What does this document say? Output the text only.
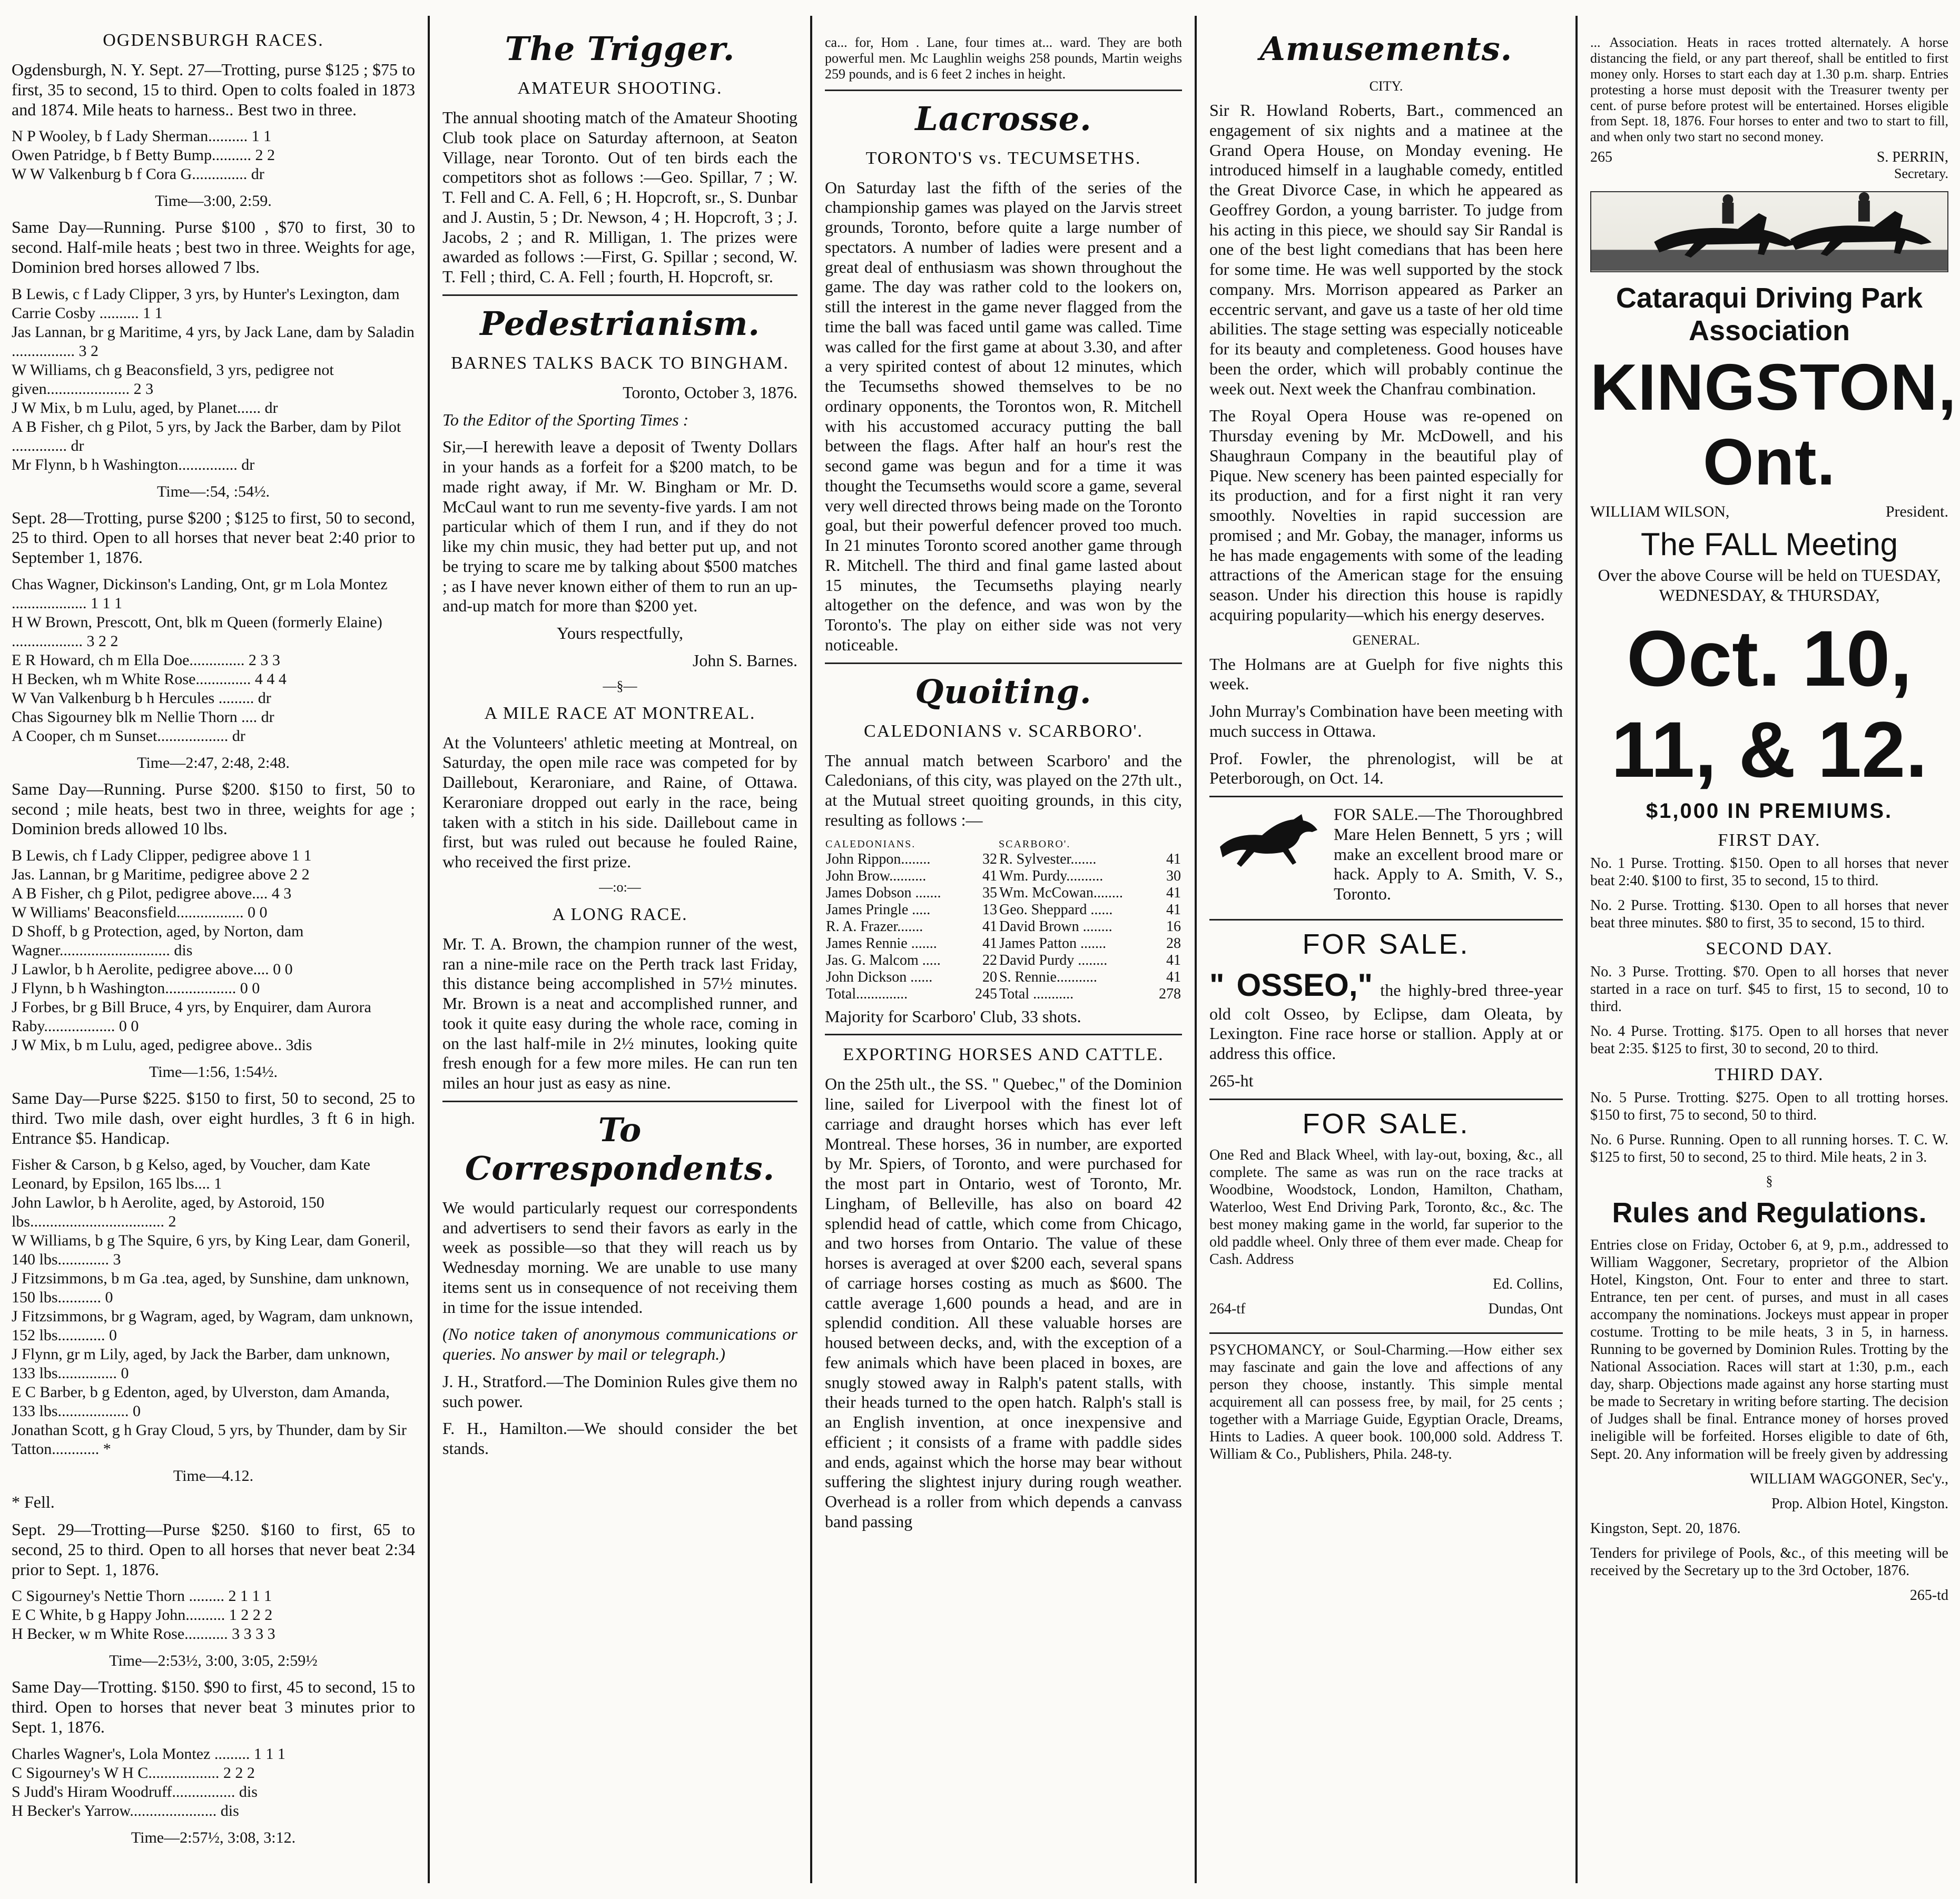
OGDENSBURGH RACES.

Ogdensburgh, N. Y. Sept. 27—Trotting, purse $125 ; $75 to first, 35 to second, 15 to third. Open to colts foaled in 1873 and 1874. Mile heats to harness.. Best two in three.

N P Wooley, b f Lady Sherman.......... 1 1
Owen Patridge, b f Betty Bump.......... 2 2
W W Valkenburg b f Cora G.............. dr
Time—3:00, 2:59.

Same Day—Running. Purse $100 , $70 to first, 30 to second. Half-mile heats ; best two in three. Weights for age, Dominion bred horses allowed 7 lbs.

B Lewis, c f Lady Clipper, 3 yrs, by Hunter's Lexington, dam Carrie Cosby .......... 1 1
Jas Lannan, br g Maritime, 4 yrs, by Jack Lane, dam by Saladin ................ 3 2
W Williams, ch g Beaconsfield, 3 yrs, pedigree not given..................... 2 3
J W Mix, b m Lulu, aged, by Planet...... dr
A B Fisher, ch g Pilot, 5 yrs, by Jack the Barber, dam by Pilot .............. dr
Mr Flynn, b h Washington............... dr
Time—:54, :54½.

Sept. 28—Trotting, purse $200 ; $125 to first, 50 to second, 25 to third. Open to all horses that never beat 2:40 prior to September 1, 1876.

Chas Wagner, Dickinson's Landing, Ont, gr m Lola Montez ................... 1 1 1
H W Brown, Prescott, Ont, blk m Queen (formerly Elaine) .................. 3 2 2
E R Howard, ch m Ella Doe.............. 2 3 3
H Becken, wh m White Rose.............. 4 4 4
W Van Valkenburg b h Hercules ......... dr
Chas Sigourney blk m Nellie Thorn .... dr
A Cooper, ch m Sunset.................. dr
Time—2:47, 2:48, 2:48.

Same Day—Running. Purse $200. $150 to first, 50 to second ; mile heats, best two in three, weights for age ; Dominion breds allowed 10 lbs.

B Lewis, ch f Lady Clipper, pedigree above 1 1
Jas. Lannan, br g Maritime, pedigree above 2 2
A B Fisher, ch g Pilot, pedigree above.... 4 3
W Williams' Beaconsfield................. 0 0
D Shoff, b g Protection, aged, by Norton, dam Wagner............................ dis
J Lawlor, b h Aerolite, pedigree above.... 0 0
J Flynn, b h Washington.................. 0 0
J Forbes, br g Bill Bruce, 4 yrs, by Enquirer, dam Aurora Raby.................. 0 0
J W Mix, b m Lulu, aged, pedigree above.. 3dis
Time—1:56, 1:54½.

Same Day—Purse $225. $150 to first, 50 to second, 25 to third. Two mile dash, over eight hurdles, 3 ft 6 in high. Entrance $5. Handicap.

Fisher & Carson, b g Kelso, aged, by Voucher, dam Kate Leonard, by Epsilon, 165 lbs.... 1
John Lawlor, b h Aerolite, aged, by Astoroid, 150 lbs.................................. 2
W Williams, b g The Squire, 6 yrs, by King Lear, dam Goneril, 140 lbs............. 3
J Fitzsimmons, b m Ga .tea, aged, by Sunshine, dam unknown, 150 lbs........... 0
J Fitzsimmons, br g Wagram, aged, by Wagram, dam unknown, 152 lbs............ 0
J Flynn, gr m Lily, aged, by Jack the Barber, dam unknown, 133 lbs............... 0
E C Barber, b g Edenton, aged, by Ulverston, dam Amanda, 133 lbs.................. 0
Jonathan Scott, g h Gray Cloud, 5 yrs, by Thunder, dam by Sir Tatton............ *
Time—4.12.

* Fell.

Sept. 29—Trotting—Purse $250. $160 to first, 65 to second, 25 to third. Open to all horses that never beat 2:34 prior to Sept. 1, 1876.

C Sigourney's Nettie Thorn ......... 2 1 1 1
E C White, b g Happy John.......... 1 2 2 2
H Becker, w m White Rose........... 3 3 3 3
Time—2:53½, 3:00, 3:05, 2:59½

Same Day—Trotting. $150. $90 to first, 45 to second, 15 to third. Open to horses that never beat 3 minutes prior to Sept. 1, 1876.

Charles Wagner's, Lola Montez ......... 1 1 1
C Sigourney's W H C.................. 2 2 2
S Judd's Hiram Woodruff................ dis
H Becker's Yarrow...................... dis
Time—2:57½, 3:08, 3:12.
The Trigger.
AMATEUR SHOOTING.

The annual shooting match of the Amateur Shooting Club took place on Saturday afternoon, at Seaton Village, near Toronto. Out of ten birds each the competitors shot as follows :—Geo. Spillar, 7 ; W. T. Fell and C. A. Fell, 6 ; H. Hopcroft, sr., S. Dunbar and J. Austin, 5 ; Dr. Newson, 4 ; H. Hopcroft, 3 ; J. Jacobs, 2 ; and R. Milligan, 1. The prizes were awarded as follows :—First, G. Spillar ; second, W. T. Fell ; third, C. A. Fell ; fourth, H. Hopcroft, sr.

Pedestrianism.
BARNES TALKS BACK TO BINGHAM.

Toronto, October 3, 1876.

To the Editor of the Sporting Times :

Sir,—I herewith leave a deposit of Twenty Dollars in your hands as a forfeit for a $200 match, to be made right away, if Mr. W. Bingham or Mr. D. McCaul want to run me seventy-five yards. I am not particular which of them I run, and if they do not like my chin music, they had better put up, and not be trying to scare me by talking about $500 matches ; as I have never known either of them to run an up-and-up match for more than $200 yet.

Yours respectfully,

John S. Barnes.

—§—
A MILE RACE AT MONTREAL.

At the Volunteers' athletic meeting at Montreal, on Saturday, the open mile race was competed for by Daillebout, Keraroniare, and Raine, of Ottawa. Keraroniare dropped out early in the race, being taken with a stitch in his side. Daillebout came in first, but was ruled out because he fouled Raine, who received the first prize.

—:o:—
A LONG RACE.

Mr. T. A. Brown, the champion runner of the west, ran a nine-mile race on the Perth track last Friday, this distance being accomplished in 57½ minutes. Mr. Brown is a neat and accomplished runner, and took it quite easy during the whole race, coming in on the last half-mile in 2½ minutes, looking quite fresh enough for a few more miles. He can run ten miles an hour just as easy as nine.

To Correspondents.

We would particularly request our correspondents and advertisers to send their favors as early in the week as possible—so that they will reach us by Wednesday morning. We are unable to use many items sent us in consequence of not receiving them in time for the issue intended.

(No notice taken of anonymous communications or queries. No answer by mail or telegraph.)

J. H., Stratford.—The Dominion Rules give them no such power.

F. H., Hamilton.—We should consider the bet stands.

ca... for, Hom . Lane, four times at... ward. They are both powerful men. Mc Laughlin weighs 258 pounds, Martin weighs 259 pounds, and is 6 feet 2 inches in height.

Lacrosse.
TORONTO'S vs. TECUMSETHS.

On Saturday last the fifth of the series of the championship games was played on the Jarvis street grounds, Toronto, before quite a large number of spectators. A number of ladies were present and a great deal of enthusiasm was shown throughout the game. The day was rather cold to the lookers on, still the interest in the game never flagged from the time the ball was faced until game was called. Time was called for the first game at about 3.30, and after a very spirited contest of about 12 minutes, which the Tecumseths showed themselves to be no ordinary opponents, the Torontos won, R. Mitchell with his accustomed accuracy putting the ball between the flags. After half an hour's rest the second game was begun and for a time it was thought the Tecumseths would score a game, several very well directed throws being made on the Toronto goal, but their powerful defencer proved too much. In 21 minutes Toronto scored another game through R. Mitchell. The third and final game lasted about 15 minutes, the Tecumseths playing nearly altogether on the defence, and was won by the Toronto's. The play on either side was not very noticeable.

Quoiting.
CALEDONIANS v. SCARBORO'.

The annual match between Scarboro' and the Caledonians, of this city, was played on the 27th ult., at the Mutual street quoiting grounds, in this city, resulting as follows :—

CALEDONIANS.		SCARBORO'.	
John Rippon........	32	R. Sylvester.......	41
John Brow..........	41	Wm. Purdy..........	30
James Dobson .......	35	Wm. McCowan........	41
James Pringle .....	13	Geo. Sheppard ......	41
R. A. Frazer.......	41	David Brown ........	16
James Rennie .......	41	James Patton .......	28
Jas. G. Malcom .....	22	David Purdy ........	41
John Dickson ......	20	S. Rennie...........	41
Total..............	245	Total ...........	278

Majority for Scarboro' Club, 33 shots.

EXPORTING HORSES AND CATTLE.

On the 25th ult., the SS. " Quebec," of the Dominion line, sailed for Liverpool with the finest lot of carriage and draught horses which has ever left Montreal. These horses, 36 in number, are exported by Mr. Spiers, of Toronto, and were purchased for the most part in Ontario, west of Toronto, Mr. Lingham, of Belleville, has also on board 42 splendid head of cattle, which come from Chicago, and two horses from Ontario. The value of these horses is averaged at over $200 each, several spans of carriage horses costing as much as $600. The cattle average 1,600 pounds a head, and are in splendid condition. All these valuable horses are housed between decks, and, with the exception of a few animals which have been placed in boxes, are snugly stowed away in Ralph's patent stalls, with their heads turned to the open hatch. Ralph's stall is an English invention, at once inexpensive and efficient ; it consists of a frame with paddle sides and ends, against which the horse may bear without suffering the slightest injury during rough weather. Overhead is a roller from which depends a canvass band passing

Amusements.
CITY.

Sir R. Howland Roberts, Bart., commenced an engagement of six nights and a matinee at the Grand Opera House, on Monday evening. He introduced himself in a laughable comedy, entitled the Great Divorce Case, in which he appeared as Geoffrey Gordon, a young barrister. To judge from his acting in this piece, we should say Sir Randal is one of the best light comedians that has been here for some time. He was well supported by the stock company. Mrs. Morrison appeared as Parker an eccentric servant, and gave us a taste of her old time abilities. The stage setting was especially noticeable for its beauty and completeness. Good houses have been the order, which will probably continue the week out. Next week the Chanfrau combination.

The Royal Opera House was re-opened on Thursday evening by Mr. McDowell, and his Shaughraun Company in the beautiful play of Pique. New scenery has been painted especially for its production, and for a first night it ran very smoothly. Novelties in rapid succession are promised ; and Mr. Gobay, the manager, informs us he has made engagements with some of the leading attractions of the American stage for the ensuing season. Under his direction this house is rapidly acquiring popularity—which his energy deserves.

GENERAL.

The Holmans are at Guelph for five nights this week.

John Murray's Combination have been meeting with much success in Ottawa.

Prof. Fowler, the phrenologist, will be at Peterborough, on Oct. 14.

FOR SALE.—The Thoroughbred Mare Helen Bennett, 5 yrs ; will make an excellent brood mare or hack. Apply to A. Smith, V. S., Toronto.

FOR SALE.

" OSSEO," the highly-bred three-year old colt Osseo, by Eclipse, dam Oleata, by Lexington. Fine race horse or stallion. Apply at or address this office.

265-ht

FOR SALE.

One Red and Black Wheel, with lay-out, boxing, &c., all complete. The same as was run on the race tracks at Woodbine, Woodstock, London, Hamilton, Chatham, Waterloo, West End Driving Park, Toronto, &c., &c. The best money making game in the world, far superior to the old paddle wheel. Only three of them ever made. Cheap for Cash. Address

Ed. Collins,

264-tf	Dundas, Ont

PSYCHOMANCY, or Soul-Charming.—How either sex may fascinate and gain the love and affections of any person they choose, instantly. This simple mental acquirement all can possess free, by mail, for 25 cents ; together with a Marriage Guide, Egyptian Oracle, Dreams, Hints to Ladies. A queer book. 100,000 sold. Address T. William & Co., Publishers, Phila. 248-ty.

... Association. Heats in races trotted alternately. A horse distancing the field, or any part thereof, shall be entitled to first money only. Horses to start each day at 1.30 p.m. sharp. Entries protesting a horse must deposit with the Treasurer twenty per cent. of purse before protest will be entertained. Horses eligible from Sept. 18, 1876. Four horses to enter and two to start to fill, and when only two start no second money.

265	S. PERRIN,
Secretary.
Cataraqui Driving Park Association
KINGSTON, Ont.
WILLIAM WILSON,	President.
The FALL Meeting

Over the above Course will be held on TUESDAY, WEDNESDAY, & THURSDAY,

Oct. 10, 11, & 12.
$1,000 IN PREMIUMS.
FIRST DAY.

No. 1 Purse. Trotting. $150. Open to all horses that never beat 2:40. $100 to first, 35 to second, 15 to third.

No. 2 Purse. Trotting. $130. Open to all horses that never beat three minutes. $80 to first, 35 to second, 15 to third.

SECOND DAY.

No. 3 Purse. Trotting. $70. Open to all horses that never started in a race on turf. $45 to first, 15 to second, 10 to third.

No. 4 Purse. Trotting. $175. Open to all horses that never beat 2:35. $125 to first, 30 to second, 20 to third.

THIRD DAY.

No. 5 Purse. Trotting. $275. Open to all trotting horses. $150 to first, 75 to second, 50 to third.

No. 6 Purse. Running. Open to all running horses. T. C. W. $125 to first, 50 to second, 25 to third. Mile heats, 2 in 3.

§
Rules and Regulations.

Entries close on Friday, October 6, at 9, p.m., addressed to William Waggoner, Secretary, proprietor of the Albion Hotel, Kingston, Ont. Four to enter and three to start. Entrance, ten per cent. of purses, and must in all cases accompany the nominations. Jockeys must appear in proper costume. Trotting to be mile heats, 3 in 5, in harness. Running to be governed by Dominion Rules. Trotting by the National Association. Races will start at 1:30, p.m., each day, sharp. Objections made against any horse starting must be made to Secretary in writing before starting. The decision of Judges shall be final. Entrance money of horses proved ineligible will be forfeited. Horses eligible to date of 6th, Sept. 20. Any information will be freely given by addressing

WILLIAM WAGGONER, Sec'y.,

Prop. Albion Hotel, Kingston.

Kingston, Sept. 20, 1876.

Tenders for privilege of Pools, &c., of this meeting will be received by the Secretary up to the 3rd October, 1876.

265-td
